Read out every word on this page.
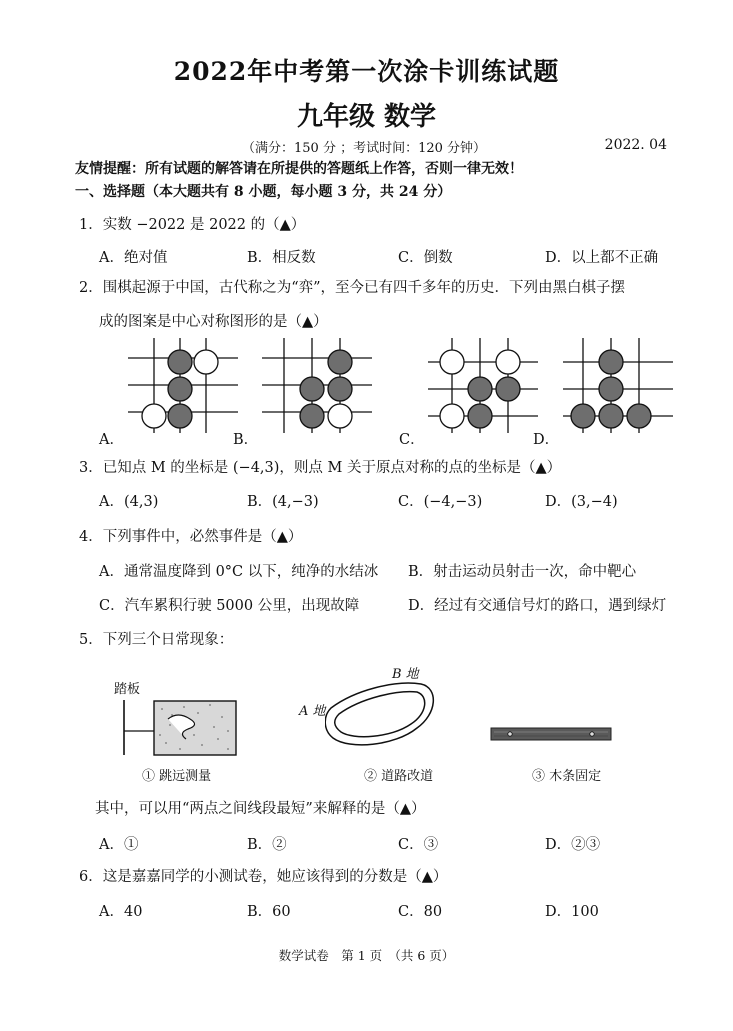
2022年中考第一次涂卡训练试题
九年级 数学
（满分：150 分 ；考试时间：120 分钟）	2022. 04
友情提醒：所有试题的解答请在所提供的答题纸上作答，否则一律无效！
一、选择题（本大题共有 8 小题，每小题 3 分，共 24 分）
1．实数 −2022 是 2022 的（▲）
A．绝对值	B．相反数	C．倒数	D．以上都不正确
2．围棋起源于中国，古代称之为“弈”，至今已有四千多年的历史．下列由黑白棋子摆
成的图案是中心对称图形的是（▲）
A．	B．	C．	D．
3．已知点 M 的坐标是 (−4,3)，则点 M 关于原点对称的点的坐标是（▲）
A．(4,3)	B．(4,−3)	C．(−4,−3)	D．(3,−4)
4．下列事件中，必然事件是（▲）
A．通常温度降到 0°C 以下，纯净的水结冰 B．射击运动员射击一次，命中靶心
C．汽车累积行驶 5000 公里，出现故障	D．经过有交通信号灯的路口，遇到绿灯
5．下列三个日常现象：
踏板
① 跳远测量
B 地
A 地
② 道路改道	③ 木条固定
其中，可以用“两点之间线段最短”来解释的是（▲）
A．①	B．②	C．③	D．②③
6．这是嘉嘉同学的小测试卷，她应该得到的分数是（▲）
A．40	B．60	C．80	D．100
数学试卷　第 1 页　（共 6 页）
